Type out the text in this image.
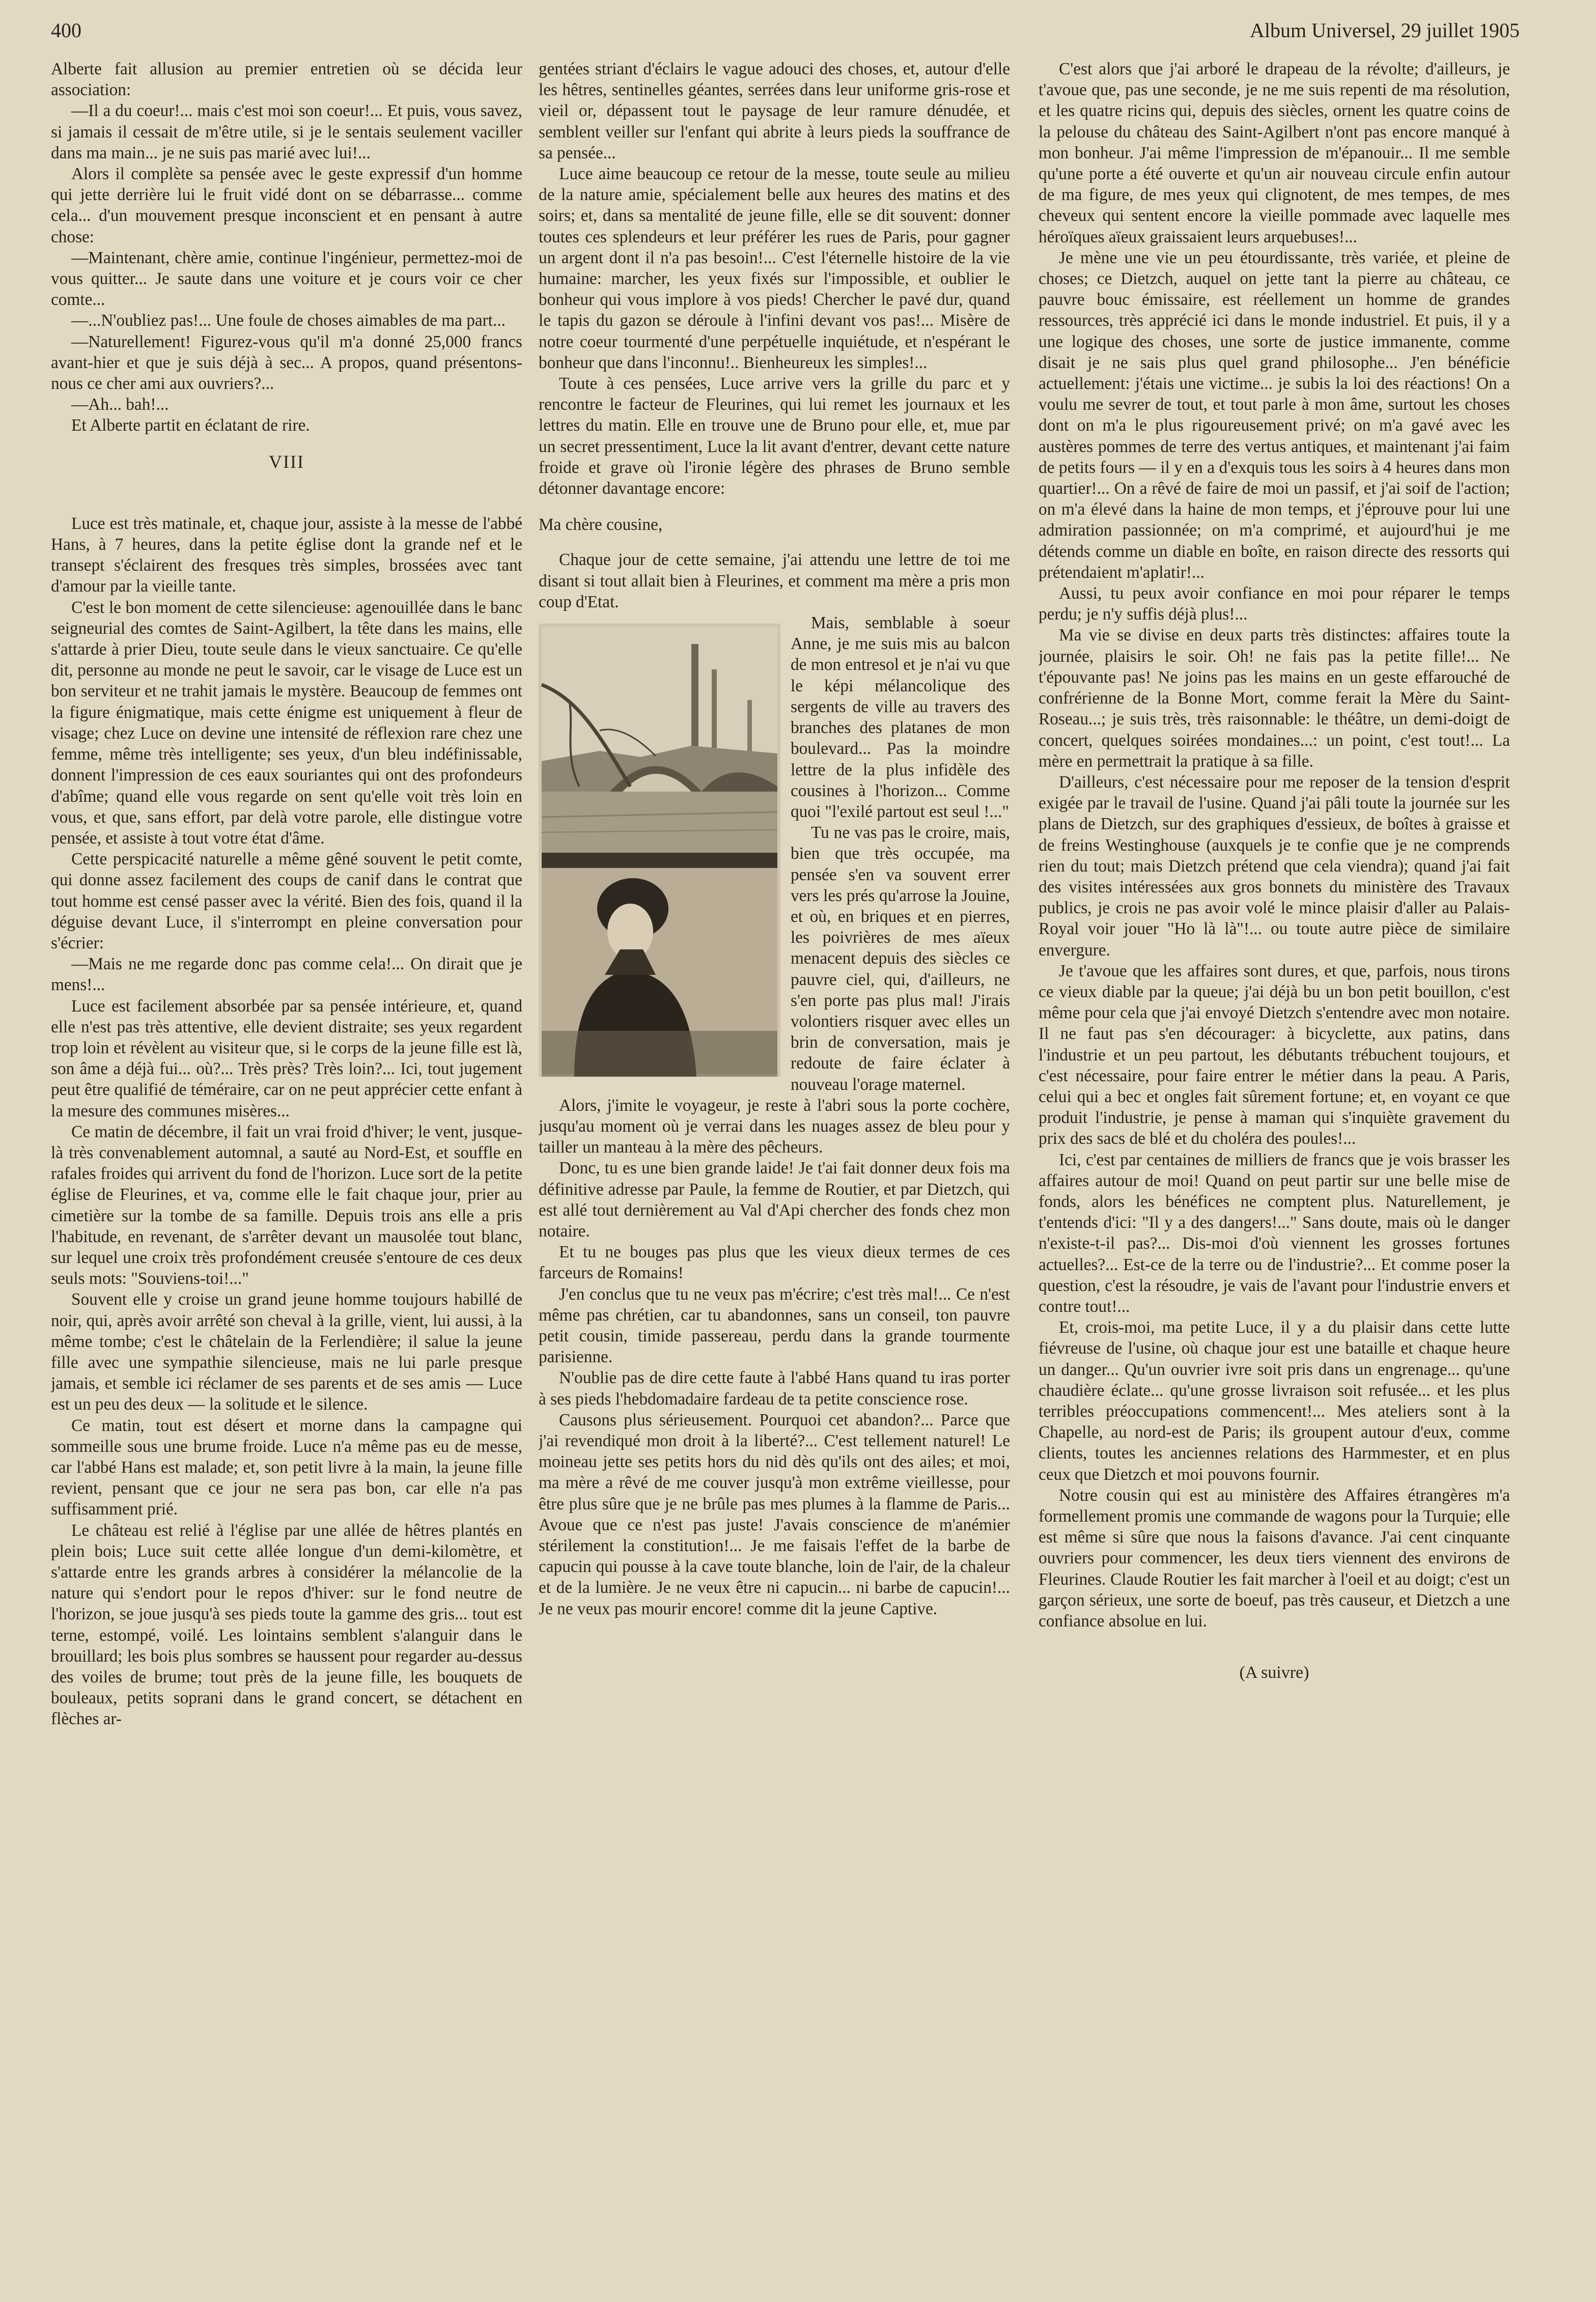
400	Album Universel, 29 juillet 1905

Alberte fait allusion au premier entretien où se décida leur association:

—Il a du coeur!... mais c'est moi son coeur!... Et puis, vous savez, si jamais il cessait de m'être utile, si je le sentais seulement vaciller dans ma main... je ne suis pas marié avec lui!...

Alors il complète sa pensée avec le geste expressif d'un homme qui jette derrière lui le fruit vidé dont on se débarrasse... comme cela... d'un mouvement presque inconscient et en pensant à autre chose:

—Maintenant, chère amie, continue l'ingénieur, permettez-moi de vous quitter... Je saute dans une voiture et je cours voir ce cher comte...

—...N'oubliez pas!... Une foule de choses aimables de ma part...

—Naturellement! Figurez-vous qu'il m'a donné 25,000 francs avant-hier et que je suis déjà à sec... A propos, quand présentons-nous ce cher ami aux ouvriers?...

—Ah... bah!...

Et Alberte partit en éclatant de rire.

VIII

Luce est très matinale, et, chaque jour, assiste à la messe de l'abbé Hans, à 7 heures, dans la petite église dont la grande nef et le transept s'éclairent des fresques très simples, brossées avec tant d'amour par la vieille tante.

C'est le bon moment de cette silencieuse: agenouillée dans le banc seigneurial des comtes de Saint-Agilbert, la tête dans les mains, elle s'attarde à prier Dieu, toute seule dans le vieux sanctuaire. Ce qu'elle dit, personne au monde ne peut le savoir, car le visage de Luce est un bon serviteur et ne trahit jamais le mystère. Beaucoup de femmes ont la figure énigmatique, mais cette énigme est uniquement à fleur de visage; chez Luce on devine une intensité de réflexion rare chez une femme, même très intelligente; ses yeux, d'un bleu indéfinissable, donnent l'impression de ces eaux souriantes qui ont des profondeurs d'abîme; quand elle vous regarde on sent qu'elle voit très loin en vous, et que, sans effort, par delà votre parole, elle distingue votre pensée, et assiste à tout votre état d'âme.

Cette perspicacité naturelle a même gêné souvent le petit comte, qui donne assez facilement des coups de canif dans le contrat que tout homme est censé passer avec la vérité. Bien des fois, quand il la déguise devant Luce, il s'interrompt en pleine conversation pour s'écrier:

—Mais ne me regarde donc pas comme cela!... On dirait que je mens!...

Luce est facilement absorbée par sa pensée intérieure, et, quand elle n'est pas très attentive, elle devient distraite; ses yeux regardent trop loin et révèlent au visiteur que, si le corps de la jeune fille est là, son âme a déjà fui... où?... Très près? Très loin?... Ici, tout jugement peut être qualifié de téméraire, car on ne peut apprécier cette enfant à la mesure des communes misères...

Ce matin de décembre, il fait un vrai froid d'hiver; le vent, jusque-là très convenablement automnal, a sauté au Nord-Est, et souffle en rafales froides qui arrivent du fond de l'horizon. Luce sort de la petite église de Fleurines, et va, comme elle le fait chaque jour, prier au cimetière sur la tombe de sa famille. Depuis trois ans elle a pris l'habitude, en revenant, de s'arrêter devant un mausolée tout blanc, sur lequel une croix très profondément creusée s'entoure de ces deux seuls mots: "Souviens-toi!..."

Souvent elle y croise un grand jeune homme toujours habillé de noir, qui, après avoir arrêté son cheval à la grille, vient, lui aussi, à la même tombe; c'est le châtelain de la Ferlendière; il salue la jeune fille avec une sympathie silencieuse, mais ne lui parle presque jamais, et semble ici réclamer de ses parents et de ses amis — Luce est un peu des deux — la solitude et le silence.

Ce matin, tout est désert et morne dans la campagne qui sommeille sous une brume froide. Luce n'a même pas eu de messe, car l'abbé Hans est malade; et, son petit livre à la main, la jeune fille revient, pensant que ce jour ne sera pas bon, car elle n'a pas suffisamment prié.

Le château est relié à l'église par une allée de hêtres plantés en plein bois; Luce suit cette allée longue d'un demi-kilomètre, et s'attarde entre les grands arbres à considérer la mélancolie de la nature qui s'endort pour le repos d'hiver: sur le fond neutre de l'horizon, se joue jusqu'à ses pieds toute la gamme des gris... tout est terne, estompé, voilé. Les lointains semblent s'alanguir dans le brouillard; les bois plus sombres se haussent pour regarder au-dessus des voiles de brume; tout près de la jeune fille, les bouquets de bouleaux, petits soprani dans le grand concert, se détachent en flèches ar-

gentées striant d'éclairs le vague adouci des choses, et, autour d'elle les hêtres, sentinelles géantes, serrées dans leur uniforme gris-rose et vieil or, dépassent tout le paysage de leur ramure dénudée, et semblent veiller sur l'enfant qui abrite à leurs pieds la souffrance de sa pensée...

Luce aime beaucoup ce retour de la messe, toute seule au milieu de la nature amie, spécialement belle aux heures des matins et des soirs; et, dans sa mentalité de jeune fille, elle se dit souvent: donner toutes ces splendeurs et leur préférer les rues de Paris, pour gagner un argent dont il n'a pas besoin!... C'est l'éternelle histoire de la vie humaine: marcher, les yeux fixés sur l'impossible, et oublier le bonheur qui vous implore à vos pieds! Chercher le pavé dur, quand le tapis du gazon se déroule à l'infini devant vos pas!... Misère de notre coeur tourmenté d'une perpétuelle inquiétude, et n'espérant le bonheur que dans l'inconnu!.. Bienheureux les simples!...

Toute à ces pensées, Luce arrive vers la grille du parc et y rencontre le facteur de Fleurines, qui lui remet les journaux et les lettres du matin. Elle en trouve une de Bruno pour elle, et, mue par un secret pressentiment, Luce la lit avant d'entrer, devant cette nature froide et grave où l'ironie légère des phrases de Bruno semble détonner davantage encore:

Ma chère cousine,

Chaque jour de cette semaine, j'ai attendu une lettre de toi me disant si tout allait bien à Fleurines, et comment ma mère a pris mon coup d'Etat.

Mais, semblable à soeur Anne, je me suis mis au balcon de mon entresol et je n'ai vu que le képi mélancolique des sergents de ville au travers des branches des platanes de mon boulevard... Pas la moindre lettre de la plus infidèle des cousines à l'horizon... Comme quoi "l'exilé partout est seul !..."

Tu ne vas pas le croire, mais, bien que très occupée, ma pensée s'en va souvent errer vers les prés qu'arrose la Jouine, et où, en briques et en pierres, les poivrières de mes aïeux menacent depuis des siècles ce pauvre ciel, qui, d'ailleurs, ne s'en porte pas plus mal! J'irais volontiers risquer avec elles un brin de conversation, mais je redoute de faire éclater à nouveau l'orage maternel.

Alors, j'imite le voyageur, je reste à l'abri sous la porte cochère, jusqu'au moment où je verrai dans les nuages assez de bleu pour y tailler un manteau à la mère des pêcheurs.

Donc, tu es une bien grande laide! Je t'ai fait donner deux fois ma définitive adresse par Paule, la femme de Routier, et par Dietzch, qui est allé tout dernièrement au Val d'Api chercher des fonds chez mon notaire.

Et tu ne bouges pas plus que les vieux dieux termes de ces farceurs de Romains!

J'en conclus que tu ne veux pas m'écrire; c'est très mal!... Ce n'est même pas chrétien, car tu abandonnes, sans un conseil, ton pauvre petit cousin, timide passereau, perdu dans la grande tourmente parisienne.

N'oublie pas de dire cette faute à l'abbé Hans quand tu iras porter à ses pieds l'hebdomadaire fardeau de ta petite conscience rose.

Causons plus sérieusement. Pourquoi cet abandon?... Parce que j'ai revendiqué mon droit à la liberté?... C'est tellement naturel! Le moineau jette ses petits hors du nid dès qu'ils ont des ailes; et moi, ma mère a rêvé de me couver jusqu'à mon extrême vieillesse, pour être plus sûre que je ne brûle pas mes plumes à la flamme de Paris... Avoue que ce n'est pas juste! J'avais conscience de m'anémier stérilement la constitution!... Je me faisais l'effet de la barbe de capucin qui pousse à la cave toute blanche, loin de l'air, de la chaleur et de la lumière. Je ne veux être ni capucin... ni barbe de capucin!... Je ne veux pas mourir encore! comme dit la jeune Captive.

C'est alors que j'ai arboré le drapeau de la révolte; d'ailleurs, je t'avoue que, pas une seconde, je ne me suis repenti de ma résolution, et les quatre ricins qui, depuis des siècles, ornent les quatre coins de la pelouse du château des Saint-Agilbert n'ont pas encore manqué à mon bonheur. J'ai même l'impression de m'épanouir... Il me semble qu'une porte a été ouverte et qu'un air nouveau circule enfin autour de ma figure, de mes yeux qui clignotent, de mes tempes, de mes cheveux qui sentent encore la vieille pommade avec laquelle mes héroïques aïeux graissaient leurs arquebuses!...

Je mène une vie un peu étourdissante, très variée, et pleine de choses; ce Dietzch, auquel on jette tant la pierre au château, ce pauvre bouc émissaire, est réellement un homme de grandes ressources, très apprécié ici dans le monde industriel. Et puis, il y a une logique des choses, une sorte de justice immanente, comme disait je ne sais plus quel grand philosophe... J'en bénéficie actuellement: j'étais une victime... je subis la loi des réactions! On a voulu me sevrer de tout, et tout parle à mon âme, surtout les choses dont on m'a le plus rigoureusement privé; on m'a gavé avec les austères pommes de terre des vertus antiques, et maintenant j'ai faim de petits fours — il y en a d'exquis tous les soirs à 4 heures dans mon quartier!... On a rêvé de faire de moi un passif, et j'ai soif de l'action; on m'a élevé dans la haine de mon temps, et j'éprouve pour lui une admiration passionnée; on m'a comprimé, et aujourd'hui je me détends comme un diable en boîte, en raison directe des ressorts qui prétendaient m'aplatir!...

Aussi, tu peux avoir confiance en moi pour réparer le temps perdu; je n'y suffis déjà plus!...

Ma vie se divise en deux parts très distinctes: affaires toute la journée, plaisirs le soir. Oh! ne fais pas la petite fille!... Ne t'épouvante pas! Ne joins pas les mains en un geste effarouché de confrérienne de la Bonne Mort, comme ferait la Mère du Saint-Roseau...; je suis très, très raisonnable: le théâtre, un demi-doigt de concert, quelques soirées mondaines...: un point, c'est tout!... La mère en permettrait la pratique à sa fille.

D'ailleurs, c'est nécessaire pour me reposer de la tension d'esprit exigée par le travail de l'usine. Quand j'ai pâli toute la journée sur les plans de Dietzch, sur des graphiques d'essieux, de boîtes à graisse et de freins Westinghouse (auxquels je te confie que je ne comprends rien du tout; mais Dietzch prétend que cela viendra); quand j'ai fait des visites intéressées aux gros bonnets du ministère des Travaux publics, je crois ne pas avoir volé le mince plaisir d'aller au Palais-Royal voir jouer "Ho là là"!... ou toute autre pièce de similaire envergure.

Je t'avoue que les affaires sont dures, et que, parfois, nous tirons ce vieux diable par la queue; j'ai déjà bu un bon petit bouillon, c'est même pour cela que j'ai envoyé Dietzch s'entendre avec mon notaire. Il ne faut pas s'en décourager: à bicyclette, aux patins, dans l'industrie et un peu partout, les débutants trébuchent toujours, et c'est nécessaire, pour faire entrer le métier dans la peau. A Paris, celui qui a bec et ongles fait sûrement fortune; et, en voyant ce que produit l'industrie, je pense à maman qui s'inquiète gravement du prix des sacs de blé et du choléra des poules!...

Ici, c'est par centaines de milliers de francs que je vois brasser les affaires autour de moi! Quand on peut partir sur une belle mise de fonds, alors les bénéfices ne comptent plus. Naturellement, je t'entends d'ici: "Il y a des dangers!..." Sans doute, mais où le danger n'existe-t-il pas?... Dis-moi d'où viennent les grosses fortunes actuelles?... Est-ce de la terre ou de l'industrie?... Et comme poser la question, c'est la résoudre, je vais de l'avant pour l'industrie envers et contre tout!...

Et, crois-moi, ma petite Luce, il y a du plaisir dans cette lutte fiévreuse de l'usine, où chaque jour est une bataille et chaque heure un danger... Qu'un ouvrier ivre soit pris dans un engrenage... qu'une chaudière éclate... qu'une grosse livraison soit refusée... et les plus terribles préoccupations commencent!... Mes ateliers sont à la Chapelle, au nord-est de Paris; ils groupent autour d'eux, comme clients, toutes les anciennes relations des Harmmester, et en plus ceux que Dietzch et moi pouvons fournir.

Notre cousin qui est au ministère des Affaires étrangères m'a formellement promis une commande de wagons pour la Turquie; elle est même si sûre que nous la faisons d'avance. J'ai cent cinquante ouvriers pour commencer, les deux tiers viennent des environs de Fleurines. Claude Routier les fait marcher à l'oeil et au doigt; c'est un garçon sérieux, une sorte de boeuf, pas très causeur, et Dietzch a une confiance absolue en lui.

(A suivre)
